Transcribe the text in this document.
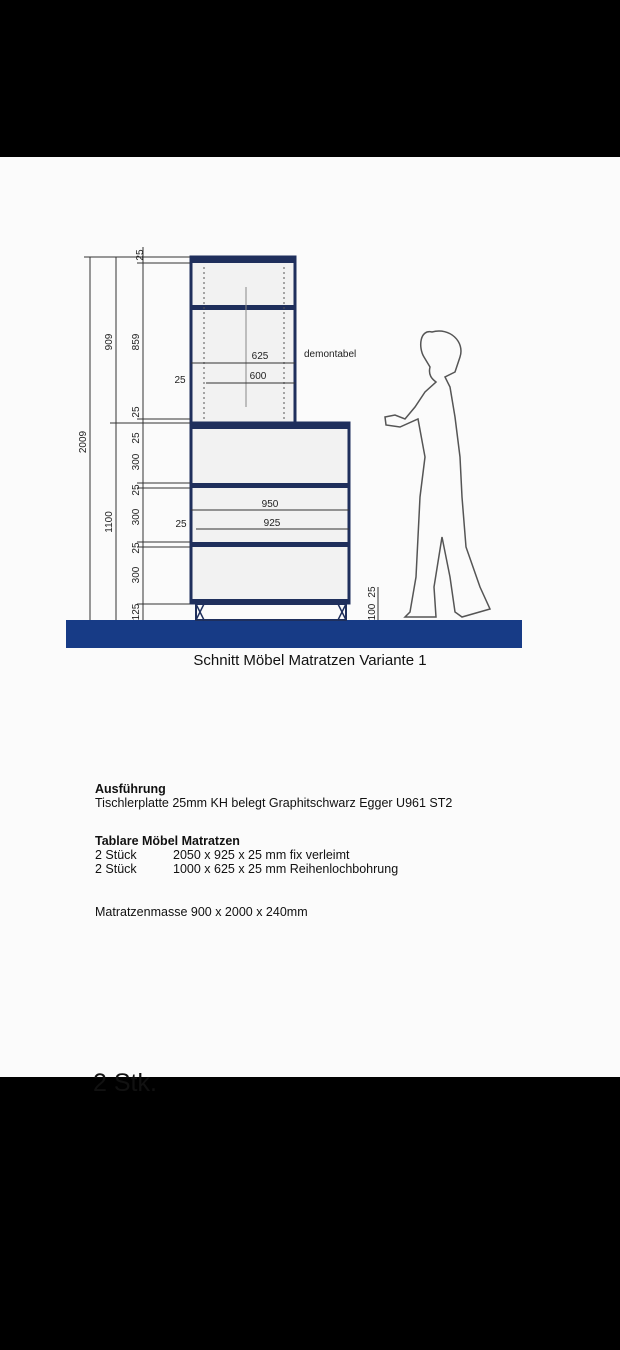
25
909 859
25
25
300
25
300
25
300
125
2009
1100
625
600
25
demontabel
950
925
25
100
25
Schnitt Möbel Matratzen Variante 1
Ausführung
Tischlerplatte 25mm KH belegt Graphitschwarz Egger U961 ST2
Tablare Möbel Matratzen
2 Stück	2050 x 925 x 25 mm fix verleimt
2 Stück	1000 x 625 x 25 mm Reihenlochbohrung
Matratzenmasse 900 x 2000 x 240mm
2 Stk.
